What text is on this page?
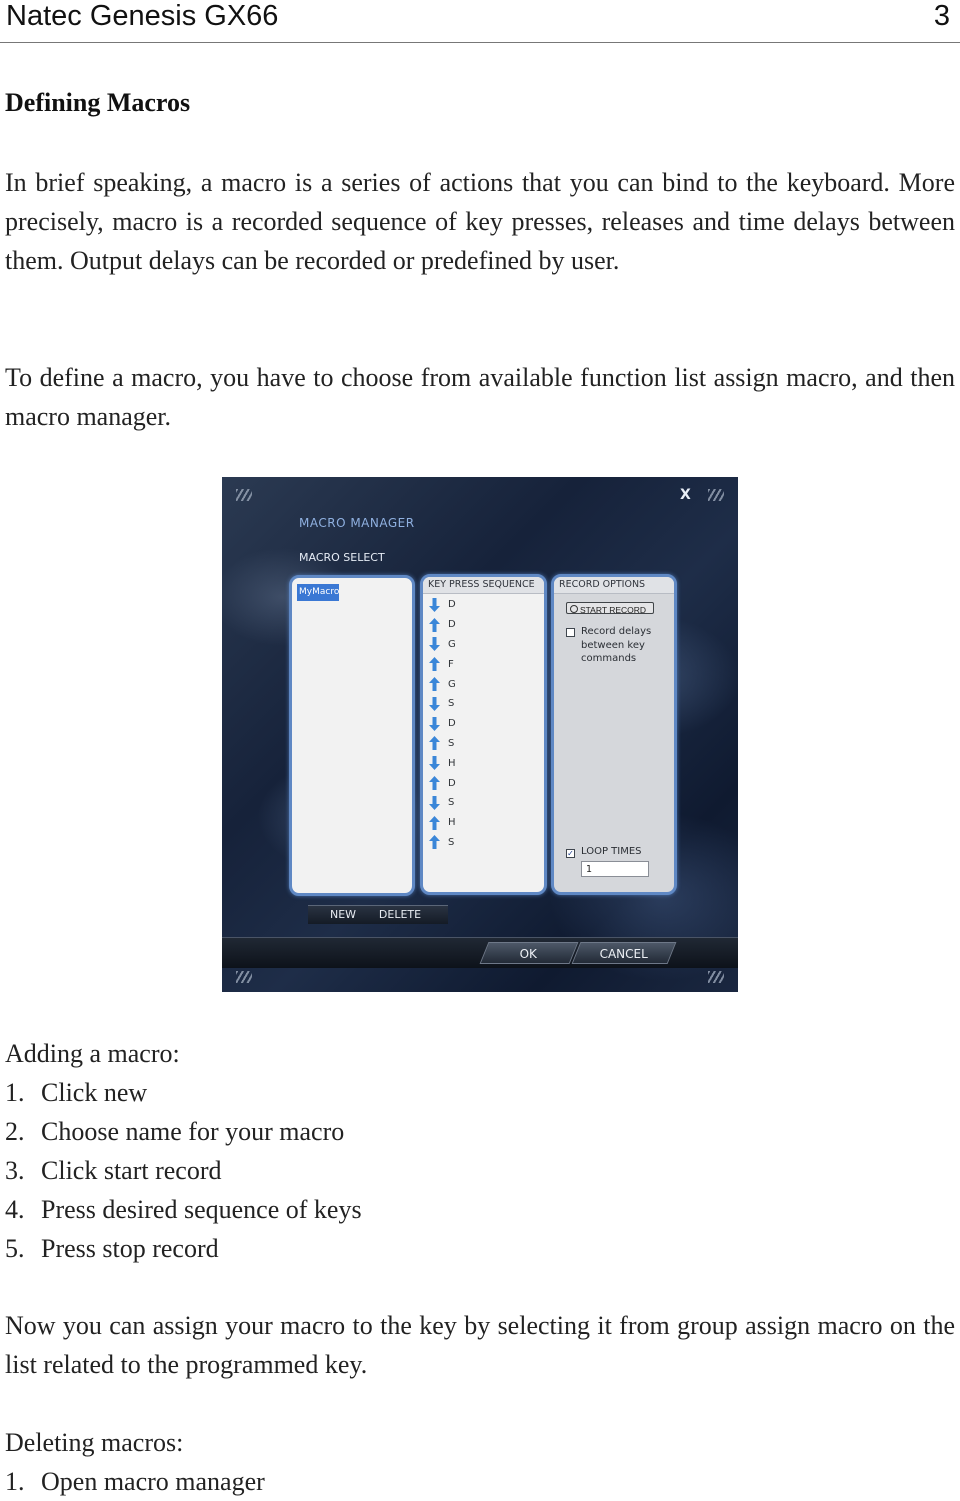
Natec Genesis GX66	3
Defining Macros
In brief speaking, a macro is a series of actions that you can bind to the keyboard. More precisely, macro is a recorded sequence of key presses, releases and time delays between them. Output delays can be recorded or predefined by user.
To define a macro, you have to choose from available function list assign macro, and then macro manager.
X
MACRO MANAGER
MACRO SELECT
MyMacro
KEY PRESS SEQUENCE
D
D
G
F
G
S
D
S
H
D
S
H
S
RECORD OPTIONS
START RECORD
Record delays between key commands
✓ LOOP TIMES
1
NEW	DELETE
OK	CANCEL
Adding a macro:
1. Click new
2. Choose name for your macro
3. Click start record
4. Press desired sequence of keys
5. Press stop record
Now you can assign your macro to the key by selecting it from group assign macro on the list related to the programmed key.
Deleting macros:
1. Open macro manager
